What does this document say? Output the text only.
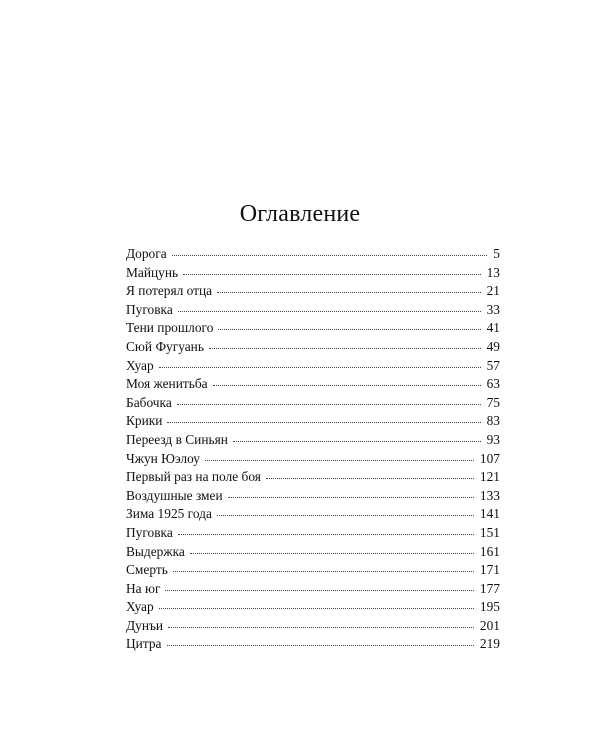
Оглавление
Дорога	5
Майцунь	13
Я потерял отца	21
Пуговка	33
Тени прошлого	41
Сюй Фугуань	49
Хуар	57
Моя женитьба	63
Бабочка	75
Крики	83
Переезд в Синьян	93
Чжун Юэлоу	107
Первый раз на поле боя	121
Воздушные змеи	133
Зима 1925 года	141
Пуговка	151
Выдержка	161
Смерть	171
На юг	177
Хуар	195
Дунъи	201
Цитра	219
